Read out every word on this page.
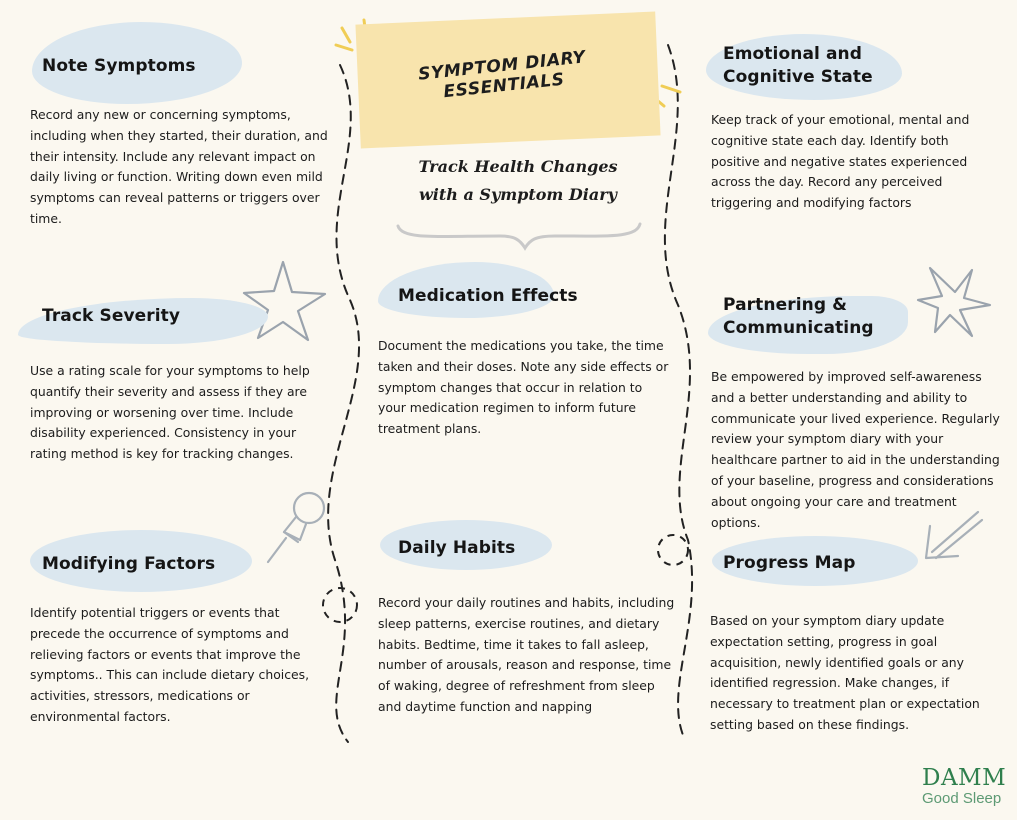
SYMPTOM DIARY ESSENTIALS

Track Health Changes with a Symptom Diary

Note Symptoms

Record any new or concerning symptoms, including when they started, their duration, and their intensity. Include any relevant impact on daily living or function. Writing down even mild symptoms can reveal patterns or triggers over time.

Track Severity

Use a rating scale for your symptoms to help quantify their severity and assess if they are improving or worsening over time. Include disability experienced. Consistency in your rating method is key for tracking changes.

Modifying Factors

Identify potential triggers or events that precede the occurrence of symptoms and relieving factors or events that improve the symptoms.. This can include dietary choices, activities, stressors, medications or environmental factors.

Medication Effects

Document the medications you take, the time taken and their doses. Note any side effects or symptom changes that occur in relation to your medication regimen to inform future treatment plans.

Daily Habits

Record your daily routines and habits, including sleep patterns, exercise routines, and dietary habits. Bedtime, time it takes to fall asleep, number of arousals, reason and response, time of waking, degree of refreshment from sleep and daytime function and napping

Emotional and Cognitive State

Keep track of your emotional, mental and cognitive state each day. Identify both positive and negative states experienced across the day. Record any perceived triggering and modifying factors

Partnering & Communicating

Be empowered by improved self-awareness and a better understanding and ability to communicate your lived experience. Regularly review your symptom diary with your healthcare partner to aid in the understanding of your baseline, progress and considerations about ongoing your care and treatment options.

Progress Map

Based on your symptom diary update expectation setting, progress in goal acquisition, newly identified goals or any identified regression. Make changes, if necessary to treatment plan or expectation setting based on these findings.

DAMM
Good Sleep
